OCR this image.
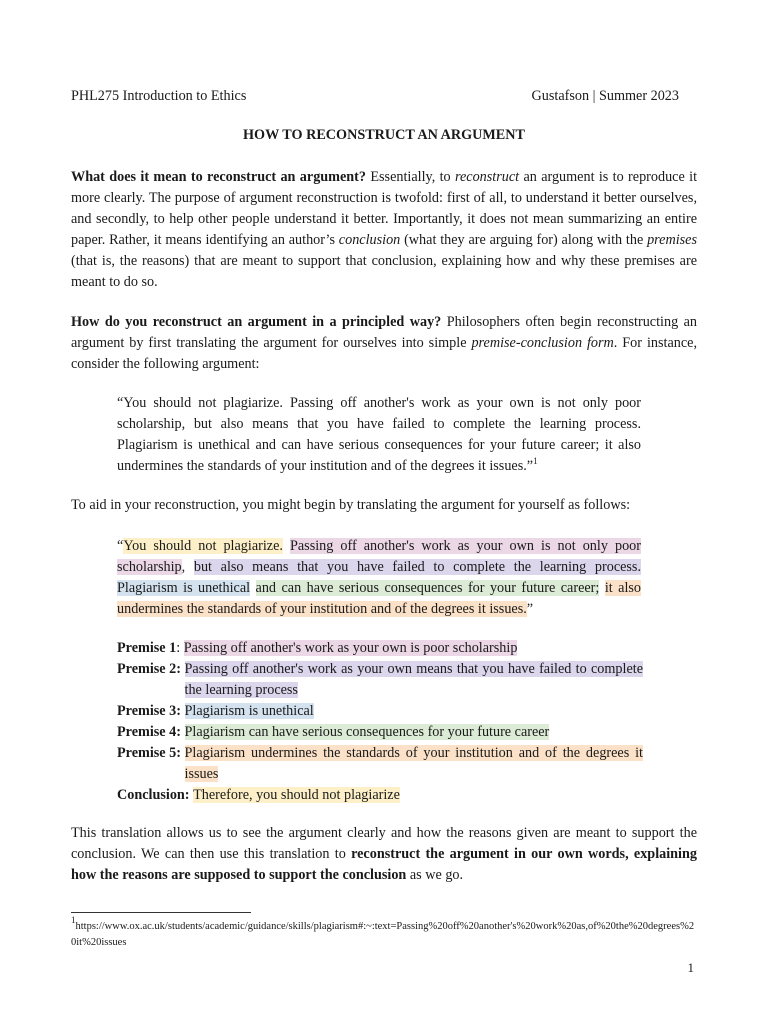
PHL275 Introduction to Ethics	Gustafson | Summer 2023
HOW TO RECONSTRUCT AN ARGUMENT

What does it mean to reconstruct an argument? Essentially, to reconstruct an argument is to reproduce it more clearly. The purpose of argument reconstruction is twofold: first of all, to understand it better ourselves, and secondly, to help other people understand it better. Importantly, it does not mean summarizing an entire paper. Rather, it means identifying an author’s conclusion (what they are arguing for) along with the premises (that is, the reasons) that are meant to support that conclusion, explaining how and why these premises are meant to do so.

How do you reconstruct an argument in a principled way? Philosophers often begin reconstructing an argument by first translating the argument for ourselves into simple premise-conclusion form. For instance, consider the following argument:

“You should not plagiarize. Passing off another's work as your own is not only poor scholarship, but also means that you have failed to complete the learning process. Plagiarism is unethical and can have serious consequences for your future career; it also undermines the standards of your institution and of the degrees it issues.”$^1$

To aid in your reconstruction, you might begin by translating the argument for yourself as follows:

“You should not plagiarize. Passing off another's work as your own is not only poor scholarship, but also means that you have failed to complete the learning process. Plagiarism is unethical and can have serious consequences for your future career; it also undermines the standards of your institution and of the degrees it issues.”

Premise 1 : Passing off another's work as your own is poor scholarship
Premise 2:
Passing off another's work as your own means that you have failed to complete the learning process
Premise 3:
Plagiarism is unethical
Premise 4:
Plagiarism can have serious consequences for your future career
Premise 5:
Plagiarism undermines the standards of your institution and of the degrees it issues
Conclusion:
Therefore, you should not plagiarize

This translation allows us to see the argument clearly and how the reasons given are meant to support the conclusion. We can then use this translation to reconstruct the argument in our own words, explaining how the reasons are supposed to support the conclusion as we go.

$^1$https://www.ox.ac.uk/students/academic/guidance/skills/plagiarism#:~:text=Passing%20off%20another's%20work%20as,of%20the%20degrees%20it%20issues
1
